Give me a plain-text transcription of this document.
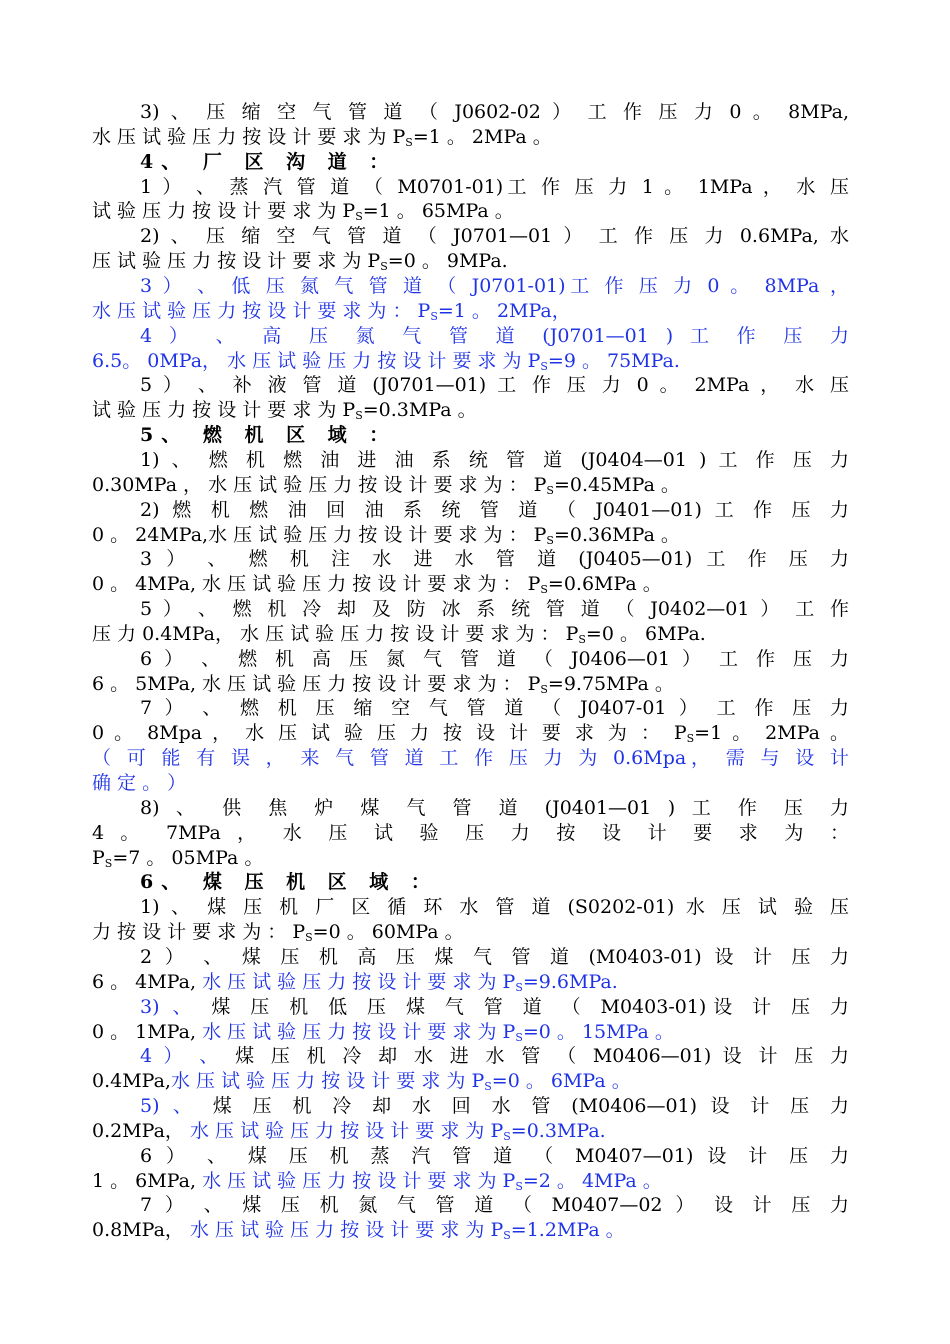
3) 、 压 缩 空 气 管 道 （ J0602-02 ） 工 作 压 力 0 。 8MPa,
水 压 试 验 压 力 按 设 计 要 求 为 $P_S=1$ 。 2MPa 。
4、 厂 区 沟 道 ：
1 ） 、 蒸 汽 管 道 （ M0701-01)工 作 压 力 1 。 1MPa ， 水 压
试 验 压 力 按 设 计 要 求 为 $P_S=1$ 。 65MPa 。
2) 、 压 缩 空 气 管 道 （ J0701—01 ） 工 作 压 力 0.6MPa, 水
压 试 验 压 力 按 设 计 要 求 为 $P_S=0$ 。 9MPa.
3 ） 、 低 压 氮 气 管 道 （ J0701-01)工 作 压 力 0 。 8MPa ，
水 压 试 验 压 力 按 设 计 要 求 为 ： $P_S=1$ 。 2MPa，
4 ） 、 高 压 氮 气 管 道 (J0701—01 ) 工 作 压 力
6.5。 0MPa， 水 压 试 验 压 力 按 设 计 要 求 为 $P_S=9$ 。 75MPa.
5 ） 、 补 液 管 道 (J0701—01) 工 作 压 力 0 。 2MPa ， 水 压
试 验 压 力 按 设 计 要 求 为 $P_S=0.3MPa$ 。
5、 燃 机 区 域 ：
1) 、 燃 机 燃 油 进 油 系 统 管 道 (J0404—01 ) 工 作 压 力
0.30MPa ， 水 压 试 验 压 力 按 设 计 要 求 为 ： $P_S=0.45MPa$ 。
2) 燃 机 燃 油 回 油 系 统 管 道 （ J0401—01) 工 作 压 力
0 。 24MPa,水 压 试 验 压 力 按 设 计 要 求 为 ： $P_S=0.36MPa$ 。
3 ） 、 燃 机 注 水 进 水 管 道 (J0405—01) 工 作 压 力
0 。 4MPa, 水 压 试 验 压 力 按 设 计 要 求 为 ： $P_S=0.6MPa$ 。
5 ） 、 燃 机 冷 却 及 防 冰 系 统 管 道 （ J0402—01 ） 工 作
压 力 0.4MPa， 水 压 试 验 压 力 按 设 计 要 求 为 ： $P_S=0$ 。 6MPa.
6 ） 、 燃 机 高 压 氮 气 管 道 （ J0406—01 ） 工 作 压 力
6 。 5MPa, 水 压 试 验 压 力 按 设 计 要 求 为 ： $P_S=9.75MPa$ 。
7 ） 、 燃 机 压 缩 空 气 管 道 （ J0407-01 ） 工 作 压 力
0 。 8Mpa ， 水 压 试 验 压 力 按 设 计 要 求 为 ： $P_S=1$ 。 2MPa 。
（ 可 能 有 误 ， 来 气 管 道 工 作 压 力 为 0.6Mpa， 需 与 设 计
确 定 。 ）
8) 、 供 焦 炉 煤 气 管 道 (J0401—01 ) 工 作 压 力
4 。 7MPa ， 水 压 试 验 压 力 按 设 计 要 求 为 ：
$P_S=7$ 。 05MPa 。
6、 煤 压 机 区 域 ：
1) 、 煤 压 机 厂 区 循 环 水 管 道 (S0202-01) 水 压 试 验 压
力 按 设 计 要 求 为 ： $P_S=0$ 。 60MPa 。
2 ） 、 煤 压 机 高 压 煤 气 管 道 (M0403-01) 设 计 压 力
6 。 4MPa, 水 压 试 验 压 力 按 设 计 要 求 为 $P_S=9.6MPa$.
3) 、 煤 压 机 低 压 煤 气 管 道 （ M0403-01)设 计 压 力
0 。 1MPa, 水 压 试 验 压 力 按 设 计 要 求 为 $P_S=0$ 。 15MPa 。
4 ） 、 煤 压 机 冷 却 水 进 水 管 （ M0406—01) 设 计 压 力
0.4MPa,水 压 试 验 压 力 按 设 计 要 求 为 $P_S=0$ 。 6MPa 。
5) 、 煤 压 机 冷 却 水 回 水 管 (M0406—01) 设 计 压 力
0.2MPa， 水 压 试 验 压 力 按 设 计 要 求 为 $P_S=0.3MPa$.
6 ） 、 煤 压 机 蒸 汽 管 道 （ M0407—01) 设 计 压 力
1 。 6MPa, 水 压 试 验 压 力 按 设 计 要 求 为 $P_S=2$ 。 4MPa 。
7 ） 、 煤 压 机 氮 气 管 道 （ M0407—02 ） 设 计 压 力
0.8MPa， 水 压 试 验 压 力 按 设 计 要 求 为 $P_S=1.2MPa$ 。
